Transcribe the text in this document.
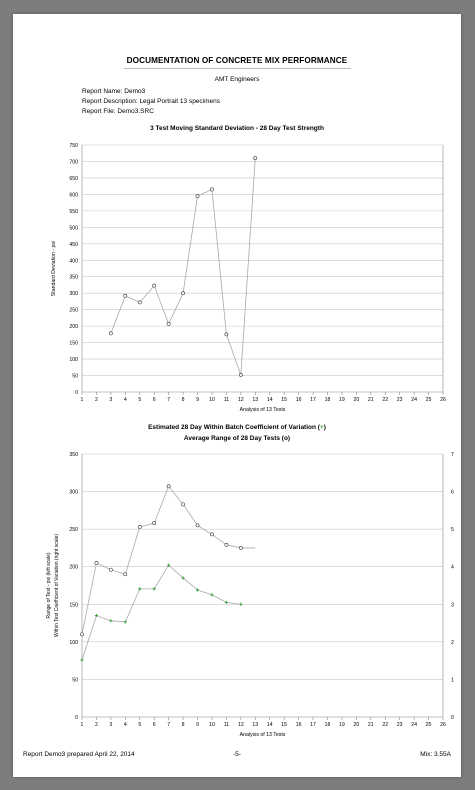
DOCUMENTATION OF CONCRETE MIX PERFORMANCE
AMT Engineers
Report Name: Demo3
Report Description: Legal Portrait 13 specimens
Report File: Demo3.SRC
3 Test Moving Standard Deviation - 28 Day Test Strength
Estimated 28 Day Within Batch Coefficient of Variation (+)
Average Range of 28 Day Tests (o)
0
50
100
150
200
250
300
350
400
450
500
550
600
650
700
750
1 2 3 4 5 6 7 8 9 10 11 12 13 14 15 16 17 18 19 20 21 22 23 24 25 26
Analysis of 13 Tests
Standard Deviation - psi
0
50
100
150
200
250
300
350
1 2 3 4 5 6 7 8 9 10 11 12 13 14 15 16 17 18 19 20 21 22 23 24 25 26
0
1
2
3
4
5
6
7
Analysis of 13 Tests
Range of Test - psi (left scale) Within Test Coefficient of Variation (right scale)
Report Demo3 prepared April 22, 2014	-5-	Mix: 3.55A
